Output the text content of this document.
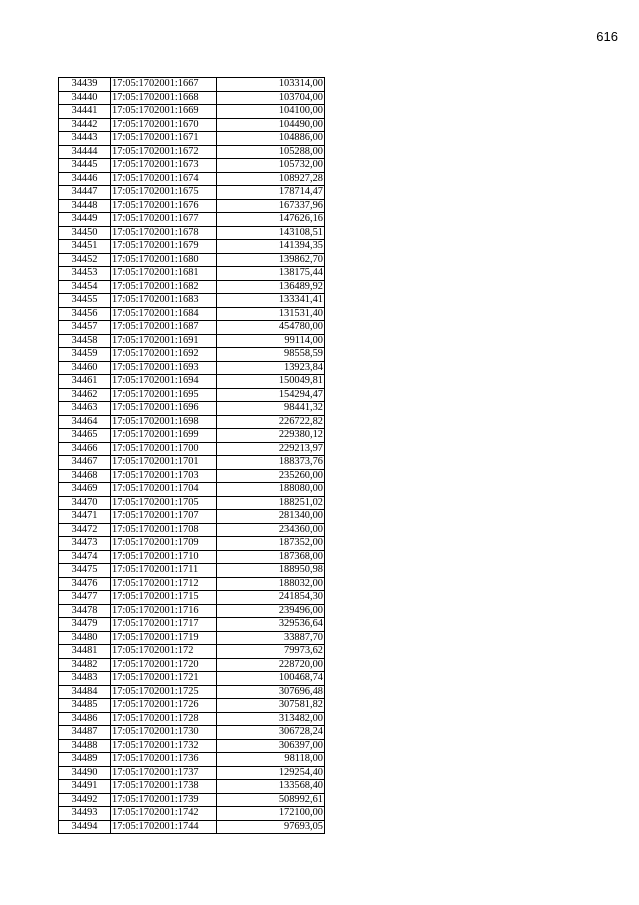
616
34439	17:05:1702001:1667	103314,00
34440	17:05:1702001:1668	103704,00
34441	17:05:1702001:1669	104100,00
34442	17:05:1702001:1670	104490,00
34443	17:05:1702001:1671	104886,00
34444	17:05:1702001:1672	105288,00
34445	17:05:1702001:1673	105732,00
34446	17:05:1702001:1674	108927,28
34447	17:05:1702001:1675	178714,47
34448	17:05:1702001:1676	167337,96
34449	17:05:1702001:1677	147626,16
34450	17:05:1702001:1678	143108,51
34451	17:05:1702001:1679	141394,35
34452	17:05:1702001:1680	139862,70
34453	17:05:1702001:1681	138175,44
34454	17:05:1702001:1682	136489,92
34455	17:05:1702001:1683	133341,41
34456	17:05:1702001:1684	131531,40
34457	17:05:1702001:1687	454780,00
34458	17:05:1702001:1691	99114,00
34459	17:05:1702001:1692	98558,59
34460	17:05:1702001:1693	13923,84
34461	17:05:1702001:1694	150049,81
34462	17:05:1702001:1695	154294,47
34463	17:05:1702001:1696	98441,32
34464	17:05:1702001:1698	226722,82
34465	17:05:1702001:1699	229380,12
34466	17:05:1702001:1700	229213,97
34467	17:05:1702001:1701	188373,76
34468	17:05:1702001:1703	235260,00
34469	17:05:1702001:1704	188080,00
34470	17:05:1702001:1705	188251,02
34471	17:05:1702001:1707	281340,00
34472	17:05:1702001:1708	234360,00
34473	17:05:1702001:1709	187352,00
34474	17:05:1702001:1710	187368,00
34475	17:05:1702001:1711	188950,98
34476	17:05:1702001:1712	188032,00
34477	17:05:1702001:1715	241854,30
34478	17:05:1702001:1716	239496,00
34479	17:05:1702001:1717	329536,64
34480	17:05:1702001:1719	33887,70
34481	17:05:1702001:172	79973,62
34482	17:05:1702001:1720	228720,00
34483	17:05:1702001:1721	100468,74
34484	17:05:1702001:1725	307696,48
34485	17:05:1702001:1726	307581,82
34486	17:05:1702001:1728	313482,00
34487	17:05:1702001:1730	306728,24
34488	17:05:1702001:1732	306397,00
34489	17:05:1702001:1736	98118,00
34490	17:05:1702001:1737	129254,40
34491	17:05:1702001:1738	133568,40
34492	17:05:1702001:1739	508992,61
34493	17:05:1702001:1742	172100,00
34494	17:05:1702001:1744	97693,05
